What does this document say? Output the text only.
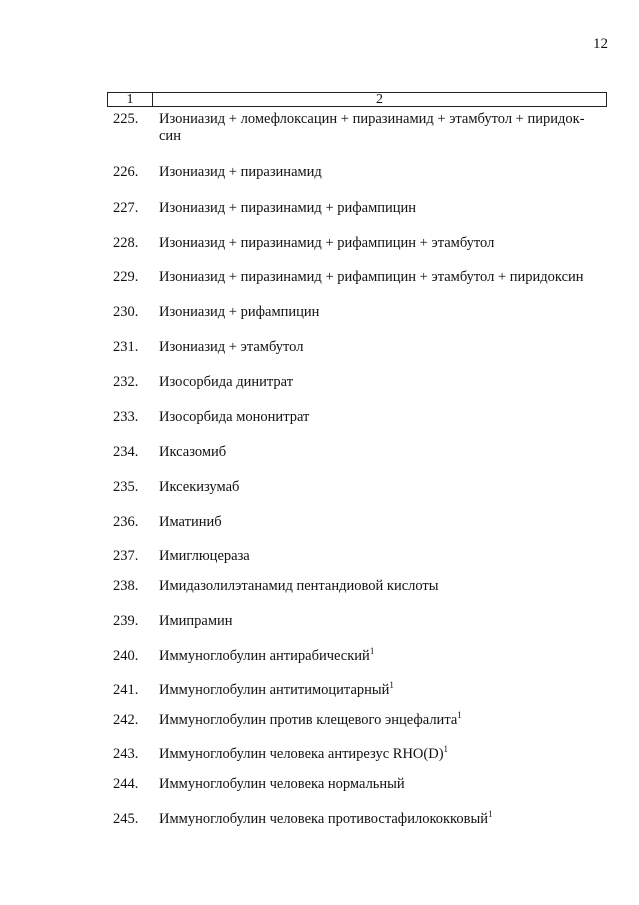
12
1	2
225.	Изониазид + ломефлоксацин + пиразинамид + этамбутол + пиридок-
син
226.	Изониазид + пиразинамид
227.	Изониазид + пиразинамид + рифампицин
228.	Изониазид + пиразинамид + рифампицин + этамбутол
229.	Изониазид + пиразинамид + рифампицин + этамбутол + пиридоксин
230.	Изониазид + рифампицин
231.	Изониазид + этамбутол
232.	Изосорбида динитрат
233.	Изосорбида мононитрат
234.	Иксазомиб
235.	Иксекизумаб
236.	Иматиниб
237.	Имиглюцераза
238.	Имидазолилэтанамид пентандиовой кислоты
239.	Имипрамин
240.	Иммуноглобулин антирабический$^1$
241.	Иммуноглобулин антитимоцитарный$^1$
242.	Иммуноглобулин против клещевого энцефалита$^1$
243.	Иммуноглобулин человека антирезус $RHO(D)^1$
244.	Иммуноглобулин человека нормальный
245.	Иммуноглобулин человека противостафилококковый$^1$
